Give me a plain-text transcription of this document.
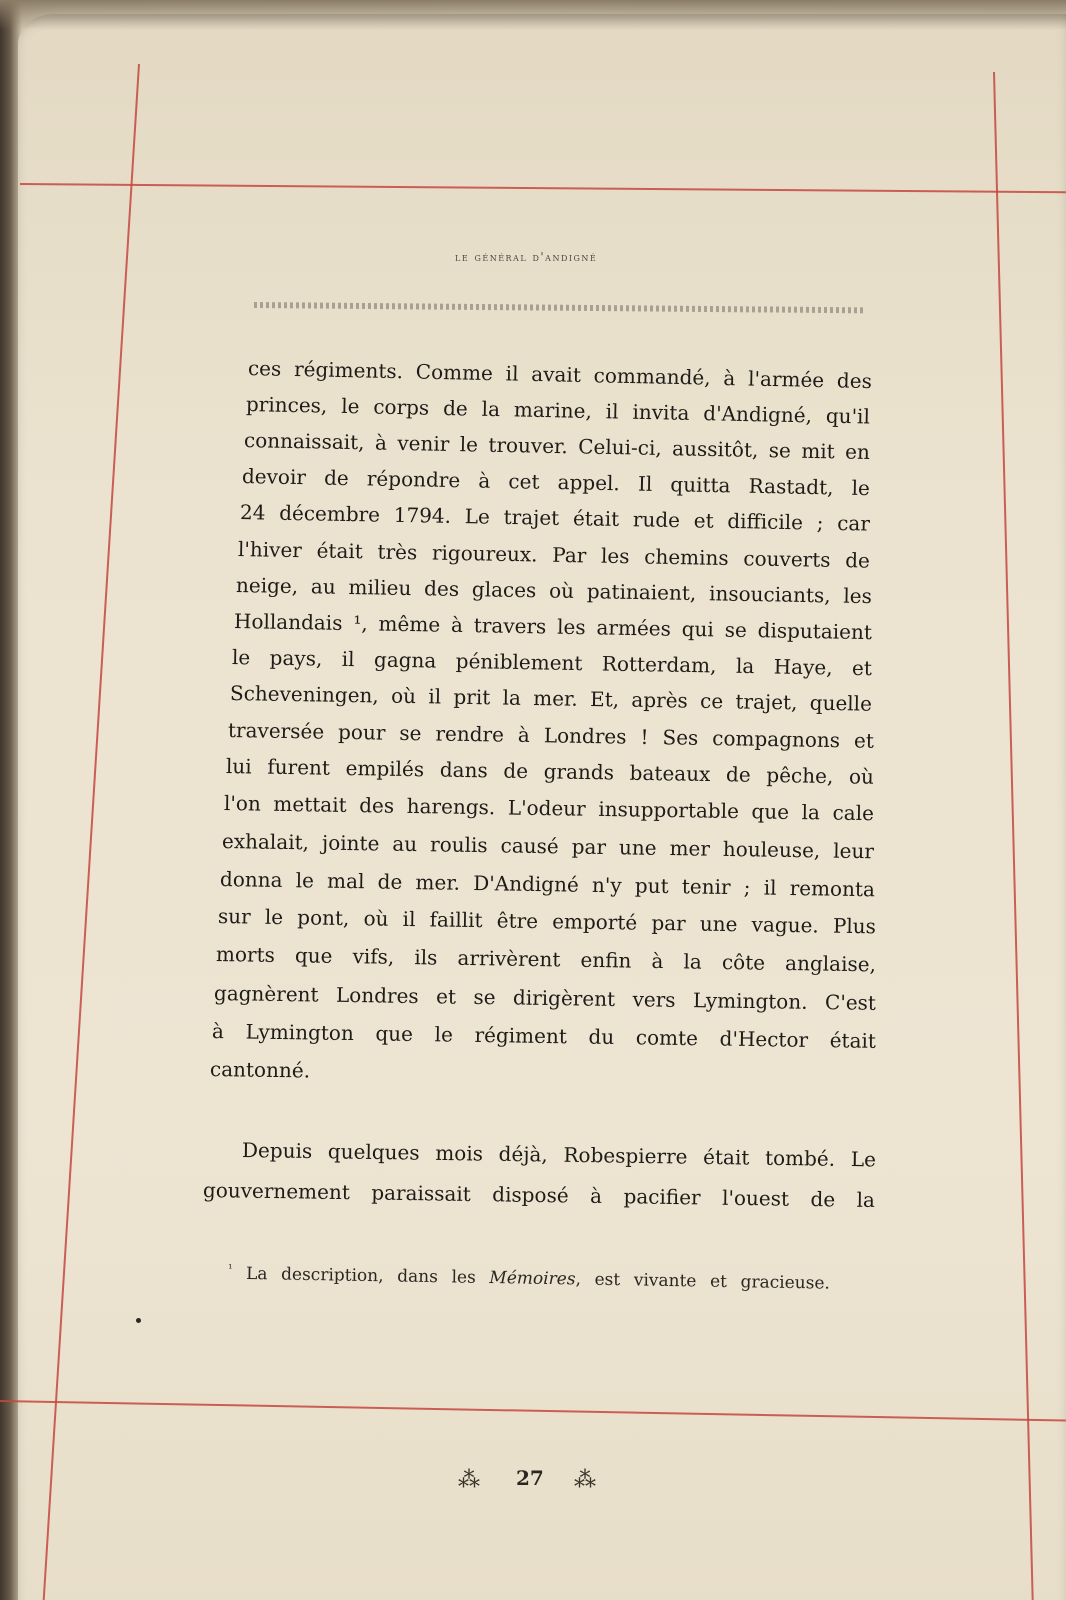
le général d'andigné
ces régiments. Comme il avait commandé, à l'armée des
princes, le corps de la marine, il invita d'Andigné, qu'il
connaissait, à venir le trouver. Celui-ci, aussitôt, se mit en
devoir de répondre à cet appel. Il quitta Rastadt, le
24 décembre 1794. Le trajet était rude et difficile ; car
l'hiver était très rigoureux. Par les chemins couverts de
neige, au milieu des glaces où patinaient, insouciants, les
Hollandais ¹, même à travers les armées qui se disputaient
le pays, il gagna péniblement Rotterdam, la Haye, et
Scheveningen, où il prit la mer. Et, après ce trajet, quelle
traversée pour se rendre à Londres ! Ses compagnons et
lui furent empilés dans de grands bateaux de pêche, où
l'on mettait des harengs. L'odeur insupportable que la cale
exhalait, jointe au roulis causé par une mer houleuse, leur
donna le mal de mer. D'Andigné n'y put tenir ; il remonta
sur le pont, où il faillit être emporté par une vague. Plus
morts que vifs, ils arrivèrent enfin à la côte anglaise,
gagnèrent Londres et se dirigèrent vers Lymington. C'est
à Lymington que le régiment du comte d'Hector était
cantonné.
Depuis quelques mois déjà, Robespierre était tombé. Le
gouvernement paraissait disposé à pacifier l'ouest de la
$^{^1}$ La description, dans les Mémoires, est vivante et gracieuse.
⁂ 27 ⁂
